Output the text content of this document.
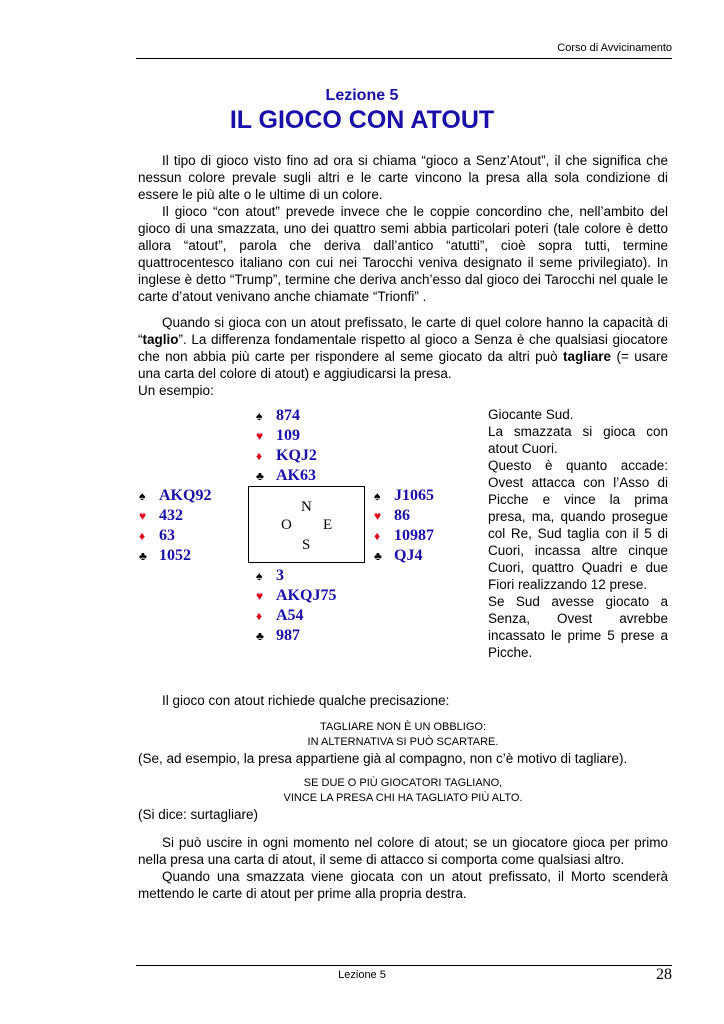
Corso di Avvicinamento
Lezione 5
IL GIOCO CON ATOUT

Il tipo di gioco visto fino ad ora si chiama “gioco a Senz’Atout”, il che significa che nessun colore prevale sugli altri e le carte vincono la presa alla sola condizione di essere le più alte o le ultime di un colore.

Il gioco “con atout” prevede invece che le coppie concordino che, nell’ambito del gioco di una smazzata, uno dei quattro semi abbia particolari poteri (tale colore è detto allora “atout”, parola che deriva dall’antico “atutti”, cioè sopra tutti, termine quattrocentesco italiano con cui nei Tarocchi veniva designato il seme privilegiato). In inglese è detto “Trump”, termine che deriva anch’esso dal gioco dei Tarocchi nel quale le carte d’atout venivano anche chiamate “Trionfi” .

Quando si gioca con un atout prefissato, le carte di quel colore hanno la capacità di “taglio”. La differenza fondamentale rispetto al gioco a Senza è che qualsiasi giocatore che non abbia più carte per rispondere al seme giocato da altri può tagliare (= usare una carta del colore di atout) e aggiudicarsi la presa.

Un esempio:

♠ 874
♥ 109
♦ KQJ2
♣ AK63
♠ AKQ92
♥ 432
♦ 63
♣ 1052
N
O E
S
♠ J1065
♥ 86
♦ 10987
♣ QJ4
♠ 3
♥ AKQJ75
♦ A54
♣ 987

Giocante Sud.

La smazzata si gioca con atout Cuori.

Questo è quanto accade: Ovest attacca con l’Asso di Picche e vince la prima presa, ma, quando prosegue col Re, Sud taglia con il 5 di Cuori, incassa altre cinque Cuori, quattro Quadri e due Fiori realizzando 12 prese.

Se Sud avesse giocato a Senza, Ovest avrebbe incassato le prime 5 prese a Picche.

Il gioco con atout richiede qualche precisazione:

TAGLIARE NON È UN OBBLIGO:
IN ALTERNATIVA SI PUÒ SCARTARE.

(Se, ad esempio, la presa appartiene già al compagno, non c’è motivo di tagliare).

SE DUE O PIÙ GIOCATORI TAGLIANO,
VINCE LA PRESA CHI HA TAGLIATO PIÙ ALTO.

(Si dice: surtagliare)

Si può uscire in ogni momento nel colore di atout; se un giocatore gioca per primo nella presa una carta di atout, il seme di attacco si comporta come qualsiasi altro.

Quando una smazzata viene giocata con un atout prefissato, il Morto scenderà mettendo le carte di atout per prime alla propria destra.

Lezione 5	28
